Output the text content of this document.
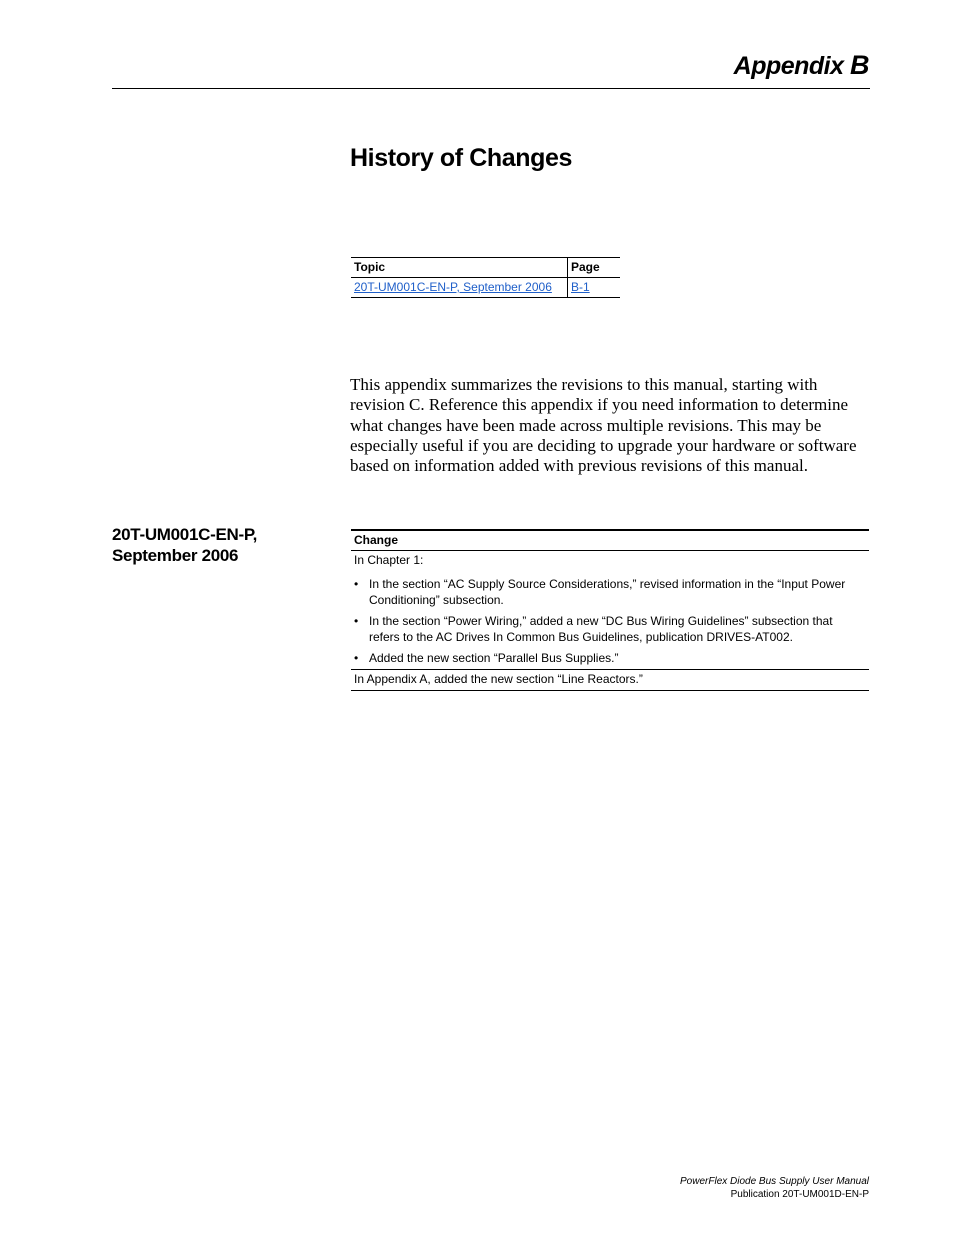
Appendix B
History of Changes
Topic	Page
20T-UM001C-EN-P, September 2006	B-1

This appendix summarizes the revisions to this manual, starting with revision C. Reference this appendix if you need information to determine what changes have been made across multiple revisions. This may be especially useful if you are deciding to upgrade your hardware or software based on information added with previous revisions of this manual.

20T-UM001C-EN-P,
September 2006
Change
In Chapter 1:
• In the section “AC Supply Source Considerations,” revised information in the “Input Power Conditioning” subsection.
• In the section “Power Wiring,” added a new “DC Bus Wiring Guidelines” subsection that refers to the AC Drives In Common Bus Guidelines, publication DRIVES-AT002.
• Added the new section “Parallel Bus Supplies.”
In Appendix A, added the new section “Line Reactors.”
PowerFlex Diode Bus Supply User Manual
Publication 20T-UM001D-EN-P
